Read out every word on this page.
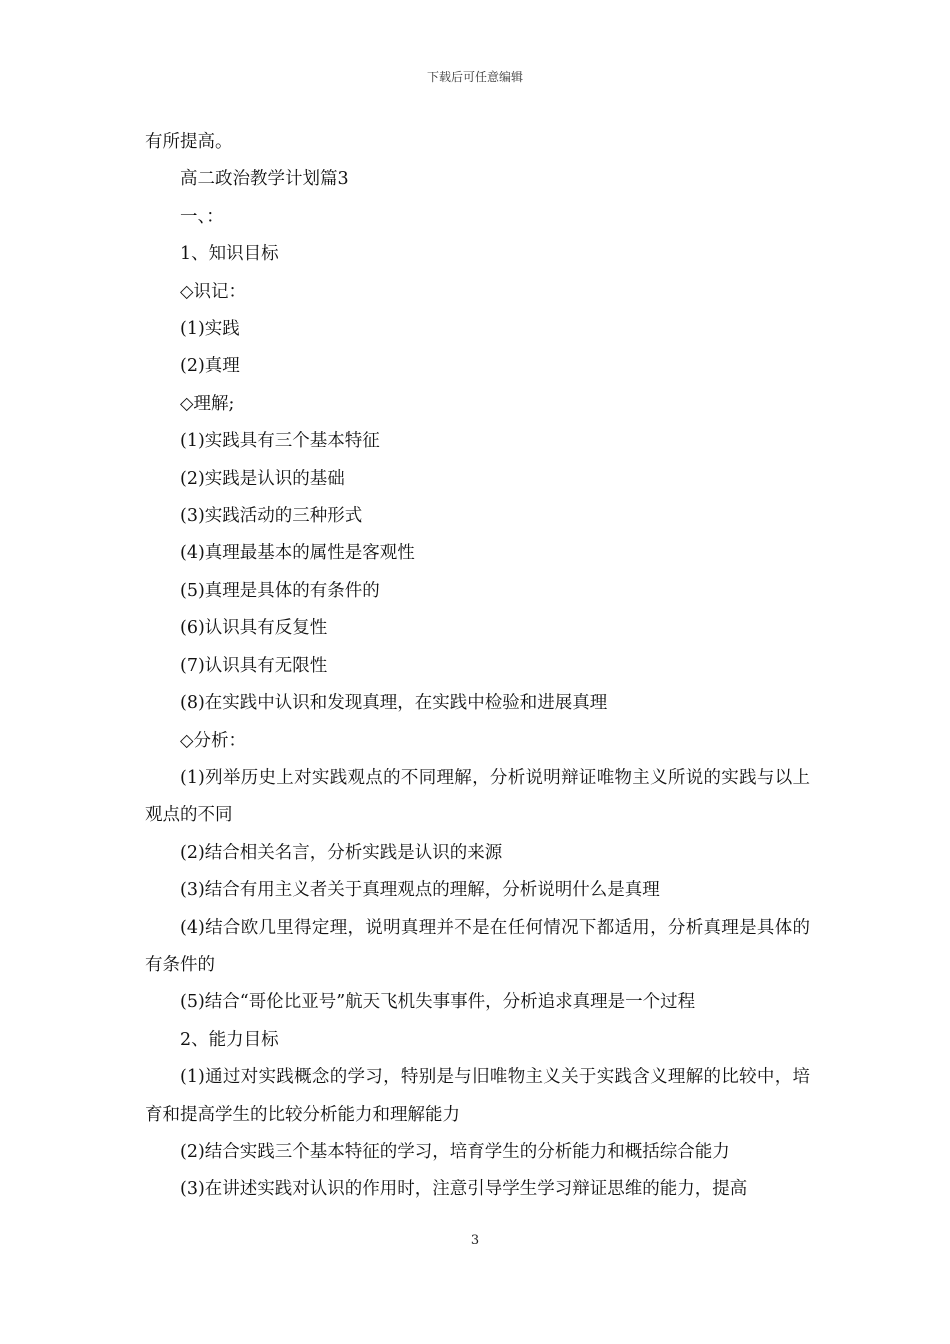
下载后可任意编辑

有所提高。

高二政治教学计划篇3

一、：

1、知识目标

◇识记：

(1)实践

(2)真理

◇理解;

(1)实践具有三个基本特征

(2)实践是认识的基础

(3)实践活动的三种形式

(4)真理最基本的属性是客观性

(5)真理是具体的有条件的

(6)认识具有反复性

(7)认识具有无限性

(8)在实践中认识和发现真理，在实践中检验和进展真理

◇分析：

(1)列举历史上对实践观点的不同理解，分析说明辩证唯物主义所说的实践与以上观点的不同

(2)结合相关名言，分析实践是认识的来源

(3)结合有用主义者关于真理观点的理解，分析说明什么是真理

(4)结合欧几里得定理，说明真理并不是在任何情况下都适用，分析真理是具体的有条件的

(5)结合“哥伦比亚号”航天飞机失事事件，分析追求真理是一个过程

2、能力目标

(1)通过对实践概念的学习，特别是与旧唯物主义关于实践含义理解的比较中，培育和提高学生的比较分析能力和理解能力

(2)结合实践三个基本特征的学习，培育学生的分析能力和概括综合能力

(3)在讲述实践对认识的作用时，注意引导学生学习辩证思维的能力，提高

3
